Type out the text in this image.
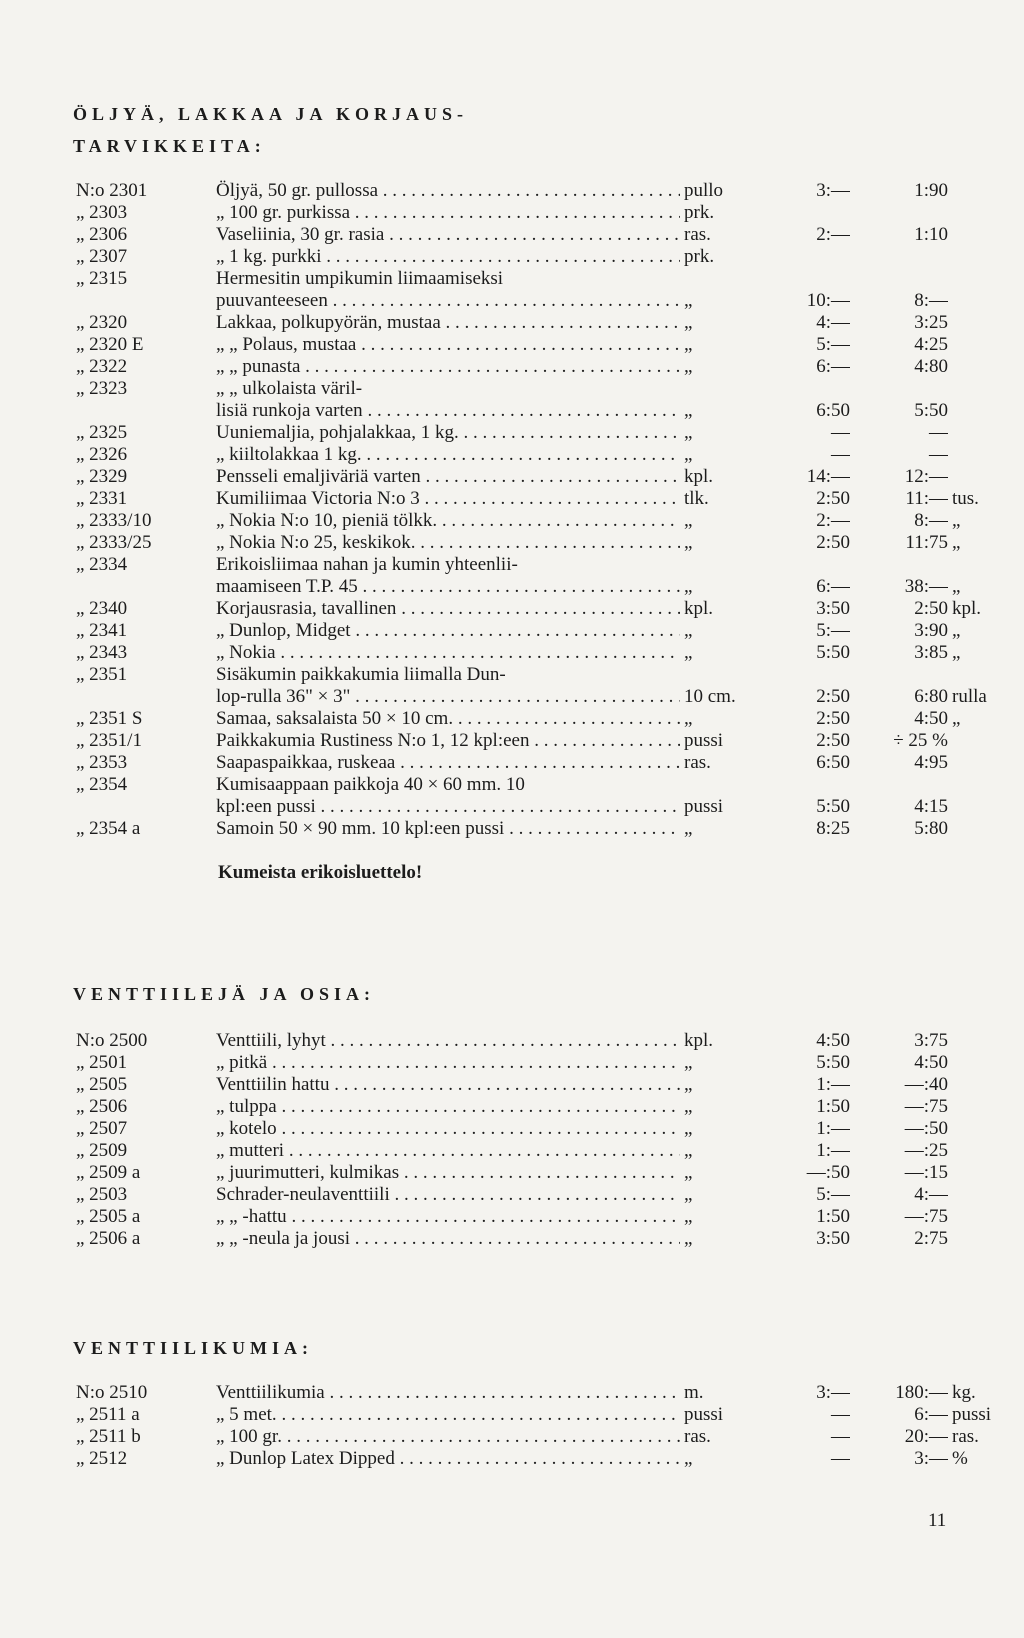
ÖLJYÄ, LAKKAA JA KORJAUS-
TARVIKKEITA:
N:o 2301	Öljyä, 50 gr. pullossa . . .	pullo	3:—	1:90
„ 2303	„ 100 gr. purkissa . . .	prk.
„ 2306	Vaseliinia, 30 gr. rasia . . .	ras.	2:—	1:10
„ 2307	„ 1 kg. purkki . . .	prk.
„ 2315	Hermesitin umpikumin liimaamiseksi
puuvanteeseen . . .	„	10:—	8:—
„ 2320	Lakkaa, polkupyörän, mustaa . . .	„	4:—	3:25
„ 2320 E	„ „ Polaus, mustaa . . .	„	5:—	4:25
„ 2322	„ „ punasta . . .	„	6:—	4:80
„ 2323	„ „ ulkolaista väril-
lisiä runkoja varten . . .	„	6:50	5:50
„ 2325	Uuniemaljia, pohjalakkaa, 1 kg. . . .	„	—	—
„ 2326	„ kiiltolakkaa 1 kg. . . .	„	—	—
„ 2329	Pensseli emaljiväriä varten . . .	kpl.	14:—	12:—
„ 2331	Kumiliimaa Victoria N:o 3 . . .	tlk.	2:50	11:— tus.
„ 2333/10	„ Nokia N:o 10, pieniä tölkk. . . .	„	2:—	8:— „
„ 2333/25	„ Nokia N:o 25, keskikok. . . .	„	2:50	11:75 „
„ 2334	Erikoisliimaa nahan ja kumin yhteenlii-
maamiseen T.P. 45 . . .	„	6:—	38:— „
„ 2340	Korjausrasia, tavallinen . . .	kpl.	3:50	2:50 kpl.
„ 2341	„ Dunlop, Midget . . .	„	5:—	3:90 „
„ 2343	„ Nokia . . .	„	5:50	3:85 „
„ 2351	Sisäkumin paikkakumia liimalla Dun-
lop-rulla 36" × 3" . . .	10 cm.	2:50	6:80 rulla
„ 2351 S	Samaa, saksalaista 50 × 10 cm. . . .	„	2:50	4:50 „
„ 2351/1	Paikkakumia Rustiness N:o 1, 12 kpl:een . . .	pussi	2:50	÷ 25 %
„ 2353	Saapaspaikkaa, ruskeaa . . .	ras.	6:50	4:95
„ 2354	Kumisaappaan paikkoja 40 × 60 mm. 10
kpl:een pussi . . .	pussi	5:50	4:15
„ 2354 a	Samoin 50 × 90 mm. 10 kpl:een pussi . . .	„	8:25	5:80
Kumeista erikoisluettelo!
VENTTIILEJÄ JA OSIA:
N:o 2500	Venttiili, lyhyt . . .	kpl.	4:50	3:75
„ 2501	„ pitkä . . .	„	5:50	4:50
„ 2505	Venttiilin hattu . . .	„	1:—	—:40
„ 2506	„ tulppa . . .	„	1:50	—:75
„ 2507	„ kotelo . . .	„	1:—	—:50
„ 2509	„ mutteri . . .	„	1:—	—:25
„ 2509 a	„ juurimutteri, kulmikas . . .	„	—:50	—:15
„ 2503	Schrader-neulaventtiili . . .	„	5:—	4:—
„ 2505 a	„ „ -hattu . . .	„	1:50	—:75
„ 2506 a	„ „ -neula ja jousi . . .	„	3:50	2:75
VENTTIILIKUMIA:
N:o 2510	Venttiilikumia . . .	m.	3:—	180:— kg.
„ 2511 a	„ 5 met. . . .	pussi	—	6:— pussi
„ 2511 b	„ 100 gr. . . .	ras.	—	20:— ras.
„ 2512	„ Dunlop Latex Dipped . . .	„	—	3:— %
11
